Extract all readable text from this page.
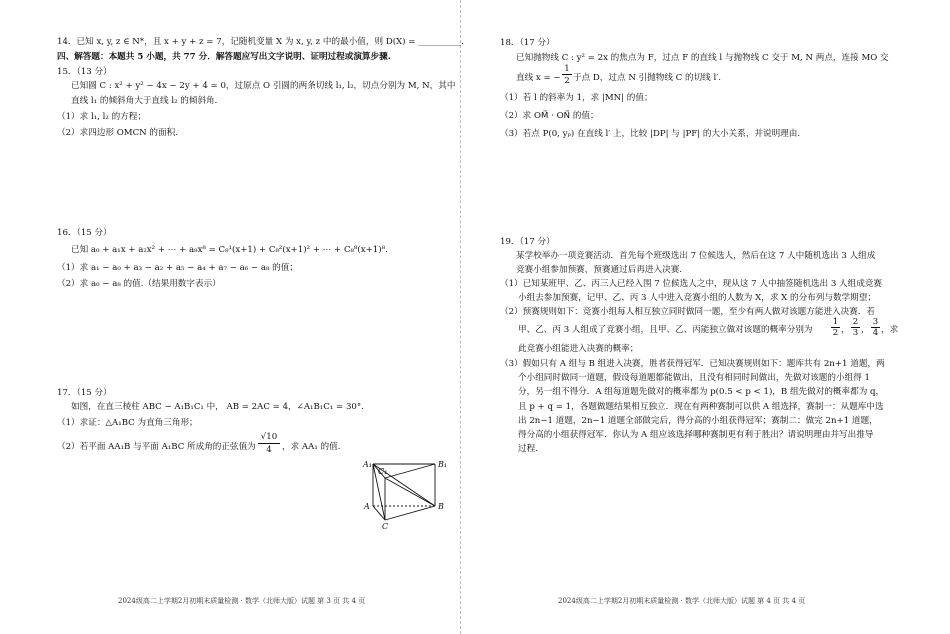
14．已知 x, y, z ∈ N*，且 x + y + z = 7，记随机变量 X 为 x, y, z 中的最小值，则 D(X) = __________.
四、解答题：本题共 5 小题，共 77 分．解答题应写出文字说明、证明过程或演算步骤.
15．（13 分）
已知圆 C : x² + y² − 4x − 2y + 4 = 0，过原点 O 引圆的两条切线 l₁, l₂，切点分别为 M, N，其中
直线 l₁ 的倾斜角大于直线 l₂ 的倾斜角.
（1）求 l₁, l₂ 的方程；
（2）求四边形 OMCN 的面积.
16．（15 分）
已知 a₀ + a₁x + a₂x² + ⋯ + a₈x⁸ = C₈¹(x+1) + C₈²(x+1)² + ⋯ + C₈⁸(x+1)⁸.
（1）求 a₁ − a₀ + a₃ − a₂ + a₅ − a₄ + a₇ − a₆ − a₈ 的值；
（2）求 a₀ − a₈ 的值.（结果用数字表示）
17．（15 分）
如图，在直三棱柱 ABC − A₁B₁C₁ 中， AB = 2AC = 4，∠A₁B₁C₁ = 30°.
（1）求证：△A₁BC 为直角三角形；
（2）若平面 AA₁B 与平面 A₁BC 所成角的正弦值为
√10
4	，求 AA₁ 的值.
A₁	B₁
C₁
A	B
C
2024级高二上学期2月初期末质量检测 · 数学（北师大版）试题 第 3 页 共 4 页
18．（17 分）
已知抛物线 C : y² = 2x 的焦点为 F，过点 F 的直线 l 与抛物线 C 交于 M, N 两点，连接 MO 交
直线 x = −
1
2 于点 D，过点 N 引抛物线 C 的切线 l′.
（1）若 l 的斜率为 1，求 |MN| 的值；
（2）求 OM⃗ · ON⃗ 的值；
（3）若点 P(0, yₚ) 在直线 l′ 上，比较 |DP| 与 |PF| 的大小关系，并说明理由.
19．（17 分）
某学校举办一项竞赛活动．首先每个班级选出 7 位候选人，然后在这 7 人中随机选出 3 人组成
竞赛小组参加预赛，预赛通过后再进入决赛.
（1）已知某班甲、乙、丙三人已经入围 7 位候选人之中，现从这 7 人中抽签随机选出 3 人组成竞赛
小组去参加预赛，记甲、乙、丙 3 人中进入竞赛小组的人数为 X，求 X 的分布列与数学期望；
（2）预赛规则如下：竞赛小组每人相互独立同时做同一题，至少有两人做对该题方能进入决赛．若
甲、乙、丙 3 人组成了竞赛小组，且甲、乙、丙能独立做对该题的概率分别为
1
2 ，
2
3 ，
3
4 ，求
此竞赛小组能进入决赛的概率；
（3）假如只有 A 组与 B 组进入决赛，胜者获得冠军．已知决赛规则如下：题库共有 2n+1 道题，两
个小组同时做同一道题，假设每道题都能做出，且没有相同时间做出，先做对该题的小组得 1
分，另一组不得分．A 组每道题先做对的概率都为 p(0.5 < p < 1)，B 组先做对的概率都为 q，
且 p + q = 1，各题做题结果相互独立．现在有两种赛制可以供 A 组选择，赛制一：从题库中选
出 2n−1 道题，2n−1 道题全部做完后，得分高的小组获得冠军；赛制二：做完 2n+1 道题，
得分高的小组获得冠军．你认为 A 组应该选择哪种赛制更有利于胜出？请说明理由并写出推导
过程.
2024级高二上学期2月初期末质量检测 · 数学（北师大版）试题 第 4 页 共 4 页
